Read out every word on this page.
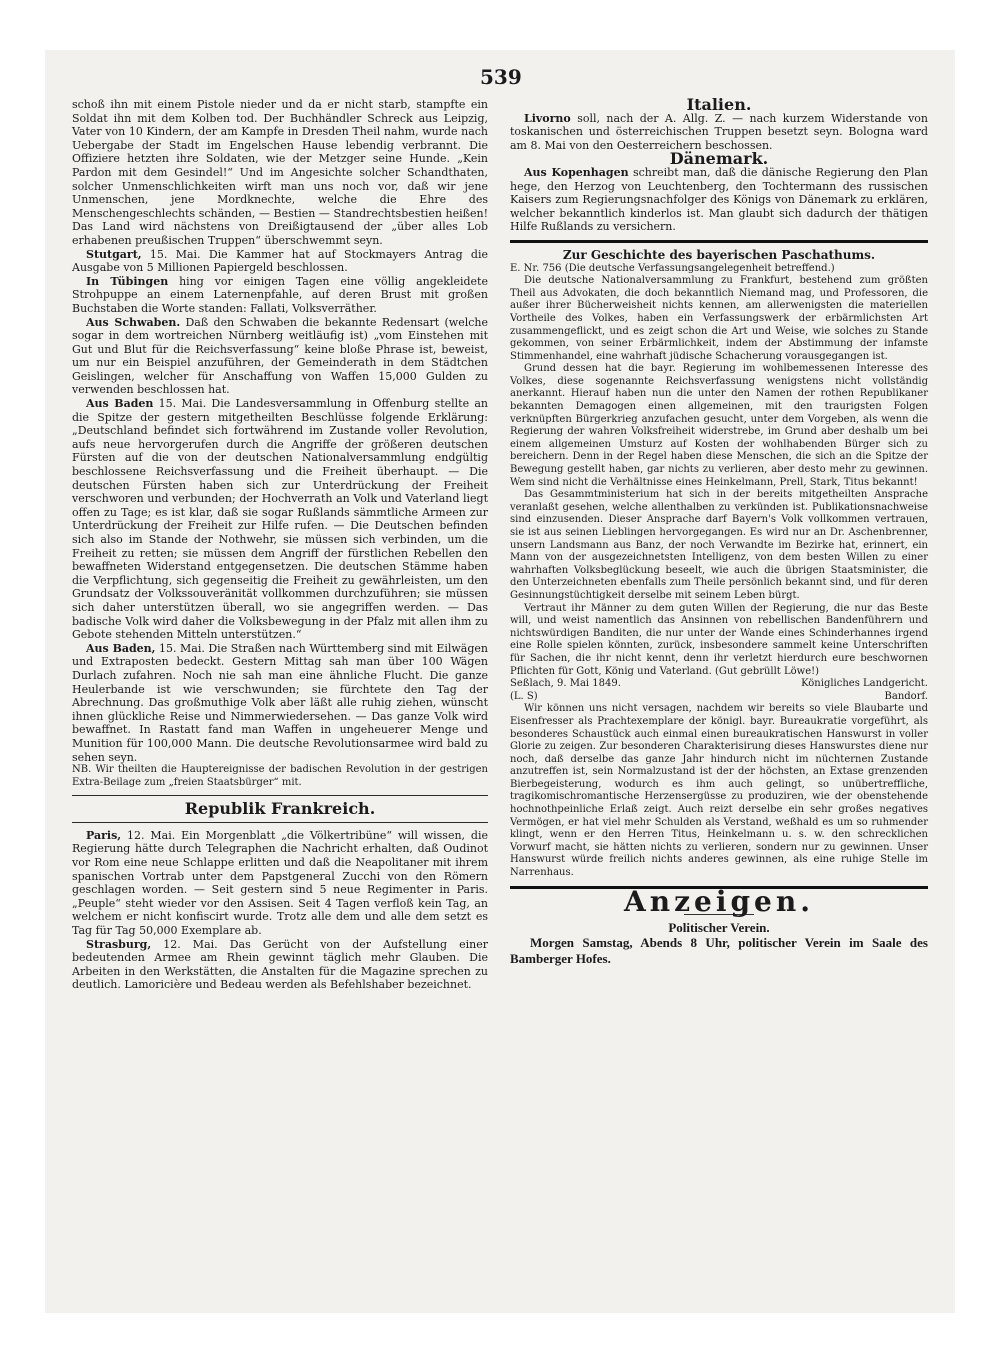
539

schoß ihn mit einem Pistole nieder und da er nicht starb, stampfte ein Soldat ihn mit dem Kolben tod. Der Buchhändler Schreck aus Leipzig, Vater von 10 Kindern, der am Kampfe in Dresden Theil nahm, wurde nach Uebergabe der Stadt im Engelschen Hause lebendig verbrannt. Die Offiziere hetzten ihre Soldaten, wie der Metzger seine Hunde. „Kein Pardon mit dem Gesindel!“ Und im Angesichte solcher Schandthaten, solcher Unmenschlichkeiten wirft man uns noch vor, daß wir jene Unmenschen, jene Mordknechte, welche die Ehre des Menschengeschlechts schänden, — Bestien — Standrechtsbestien heißen! Das Land wird nächstens von Dreißigtausend der „über alles Lob erhabenen preußischen Truppen“ überschwemmt seyn.

Stutgart, 15. Mai. Die Kammer hat auf Stockmayers Antrag die Ausgabe von 5 Millionen Papiergeld beschlossen.

In Tübingen hing vor einigen Tagen eine völlig angekleidete Strohpuppe an einem Laternenpfahle, auf deren Brust mit großen Buchstaben die Worte standen: Fallati, Volksverräther.

Aus Schwaben. Daß den Schwaben die bekannte Redensart (welche sogar in dem wortreichen Nürnberg weitläufig ist) „vom Einstehen mit Gut und Blut für die Reichsverfassung“ keine bloße Phrase ist, beweist, um nur ein Beispiel anzuführen, der Gemeinderath in dem Städtchen Geislingen, welcher für Anschaffung von Waffen 15,000 Gulden zu verwenden beschlossen hat.

Aus Baden 15. Mai. Die Landesversammlung in Offenburg stellte an die Spitze der gestern mitgetheilten Beschlüsse folgende Erklärung: „Deutschland befindet sich fortwährend im Zustande voller Revolution, aufs neue hervorgerufen durch die Angriffe der größeren deutschen Fürsten auf die von der deutschen Nationalversammlung endgültig beschlossene Reichsverfassung und die Freiheit überhaupt. — Die deutschen Fürsten haben sich zur Unterdrückung der Freiheit verschworen und verbunden; der Hochverrath an Volk und Vaterland liegt offen zu Tage; es ist klar, daß sie sogar Rußlands sämmtliche Armeen zur Unterdrückung der Freiheit zur Hilfe rufen. — Die Deutschen befinden sich also im Stande der Nothwehr, sie müssen sich verbinden, um die Freiheit zu retten; sie müssen dem Angriff der fürstlichen Rebellen den bewaffneten Widerstand entgegensetzen. Die deutschen Stämme haben die Verpflichtung, sich gegenseitig die Freiheit zu gewährleisten, um den Grundsatz der Volkssouveränität vollkommen durchzuführen; sie müssen sich daher unterstützen überall, wo sie angegriffen werden. — Das badische Volk wird daher die Volksbewegung in der Pfalz mit allen ihm zu Gebote stehenden Mitteln unterstützen.“

Aus Baden, 15. Mai. Die Straßen nach Württemberg sind mit Eilwägen und Extraposten bedeckt. Gestern Mittag sah man über 100 Wägen Durlach zufahren. Noch nie sah man eine ähnliche Flucht. Die ganze Heulerbande ist wie verschwunden; sie fürchtete den Tag der Abrechnung. Das großmuthige Volk aber läßt alle ruhig ziehen, wünscht ihnen glückliche Reise und Nimmerwiedersehen. — Das ganze Volk wird bewaffnet. In Rastatt fand man Waffen in ungeheuerer Menge und Munition für 100,000 Mann. Die deutsche Revolutionsarmee wird bald zu sehen seyn.

NB. Wir theilten die Hauptereignisse der badischen Revolution in der gestrigen Extra-Beilage zum „freien Staatsbürger“ mit.

Republik Frankreich.

Paris, 12. Mai. Ein Morgenblatt „die Völkertribüne“ will wissen, die Regierung hätte durch Telegraphen die Nachricht erhalten, daß Oudinot vor Rom eine neue Schlappe erlitten und daß die Neapolitaner mit ihrem spanischen Vortrab unter dem Papstgeneral Zucchi von den Römern geschlagen worden. — Seit gestern sind 5 neue Regimenter in Paris. „Peuple“ steht wieder vor den Assisen. Seit 4 Tagen verfloß kein Tag, an welchem er nicht konfiscirt wurde. Trotz alle dem und alle dem setzt es Tag für Tag 50,000 Exemplare ab.

Strasburg, 12. Mai. Das Gerücht von der Aufstellung einer bedeutenden Armee am Rhein gewinnt täglich mehr Glauben. Die Arbeiten in den Werkstätten, die Anstalten für die Magazine sprechen zu deutlich. Lamoricière und Bedeau werden als Befehlshaber bezeichnet.

Italien.

Livorno soll, nach der A. Allg. Z. — nach kurzem Widerstande von toskanischen und österreichischen Truppen besetzt seyn. Bologna ward am 8. Mai von den Oesterreichern beschossen.

Dänemark.

Aus Kopenhagen schreibt man, daß die dänische Regierung den Plan hege, den Herzog von Leuchtenberg, den Tochtermann des russischen Kaisers zum Regierungsnachfolger des Königs von Dänemark zu erklären, welcher bekanntlich kinderlos ist. Man glaubt sich dadurch der thätigen Hilfe Rußlands zu versichern.

Zur Geschichte des bayerischen Paschathums.

E. Nr. 756 (Die deutsche Verfassungsangelegenheit betreffend.)

Die deutsche Nationalversammlung zu Frankfurt, bestehend zum größten Theil aus Advokaten, die doch bekanntlich Niemand mag, und Professoren, die außer ihrer Bücherweisheit nichts kennen, am allerwenigsten die materiellen Vortheile des Volkes, haben ein Verfassungswerk der erbärmlichsten Art zusammengeflickt, und es zeigt schon die Art und Weise, wie solches zu Stande gekommen, von seiner Erbärmlichkeit, indem der Abstimmung der infamste Stimmenhandel, eine wahrhaft jüdische Schacherung vorausgegangen ist.

Grund dessen hat die bayr. Regierung im wohlbemessenen Interesse des Volkes, diese sogenannte Reichsverfassung wenigstens nicht vollständig anerkannt. Hierauf haben nun die unter den Namen der rothen Republikaner bekannten Demagogen einen allgemeinen, mit den traurigsten Folgen verknüpften Bürgerkrieg anzufachen gesucht, unter dem Vorgeben, als wenn die Regierung der wahren Volksfreiheit widerstrebe, im Grund aber deshalb um bei einem allgemeinen Umsturz auf Kosten der wohlhabenden Bürger sich zu bereichern. Denn in der Regel haben diese Menschen, die sich an die Spitze der Bewegung gestellt haben, gar nichts zu verlieren, aber desto mehr zu gewinnen. Wem sind nicht die Verhältnisse eines Heinkelmann, Prell, Stark, Titus bekannt!

Das Gesammtministerium hat sich in der bereits mitgetheilten Ansprache veranlaßt gesehen, welche allenthalben zu verkünden ist. Publikationsnachweise sind einzusenden. Dieser Ansprache darf Bayern's Volk vollkommen vertrauen, sie ist aus seinen Lieblingen hervorgegangen. Es wird nur an Dr. Aschenbrenner, unsern Landsmann aus Banz, der noch Verwandte im Bezirke hat, erinnert, ein Mann von der ausgezeichnetsten Intelligenz, von dem besten Willen zu einer wahrhaften Volksbeglückung beseelt, wie auch die übrigen Staatsminister, die den Unterzeichneten ebenfalls zum Theile persönlich bekannt sind, und für deren Gesinnungstüchtigkeit derselbe mit seinem Leben bürgt.

Vertraut ihr Männer zu dem guten Willen der Regierung, die nur das Beste will, und weist namentlich das Ansinnen von rebellischen Bandenführern und nichtswürdigen Banditen, die nur unter der Wande eines Schinderhannes irgend eine Rolle spielen könnten, zurück, insbesondere sammelt keine Unterschriften für Sachen, die ihr nicht kennt, denn ihr verletzt hierdurch eure beschwornen Pflichten für Gott, König und Vaterland. (Gut gebrüllt Löwe!)

Seßlach, 9. Mai 1849.	Königliches Landgericht.
(L. S)	Bandorf.

Wir können uns nicht versagen, nachdem wir bereits so viele Blaubarte und Eisenfresser als Prachtexemplare der königl. bayr. Bureaukratie vorgeführt, als besonderes Schaustück auch einmal einen bureaukratischen Hanswurst in voller Glorie zu zeigen. Zur besonderen Charakterisirung dieses Hanswurstes diene nur noch, daß derselbe das ganze Jahr hindurch nicht im nüchternen Zustande anzutreffen ist, sein Normalzustand ist der der höchsten, an Extase grenzenden Bierbegeisterung, wodurch es ihm auch gelingt, so unübertreffliche, tragikomischromantische Herzensergüsse zu produziren, wie der obenstehende hochnothpeinliche Erlaß zeigt. Auch reizt derselbe ein sehr großes negatives Vermögen, er hat viel mehr Schulden als Verstand, weßhald es um so ruhmender klingt, wenn er den Herren Titus, Heinkelmann u. s. w. den schrecklichen Vorwurf macht, sie hätten nichts zu verlieren, sondern nur zu gewinnen. Unser Hanswurst würde freilich nichts anderes gewinnen, als eine ruhige Stelle im Narrenhaus.

Anzeigen.

Politischer Verein.

Morgen Samstag, Abends 8 Uhr, politischer Verein im Saale des Bamberger Hofes.
